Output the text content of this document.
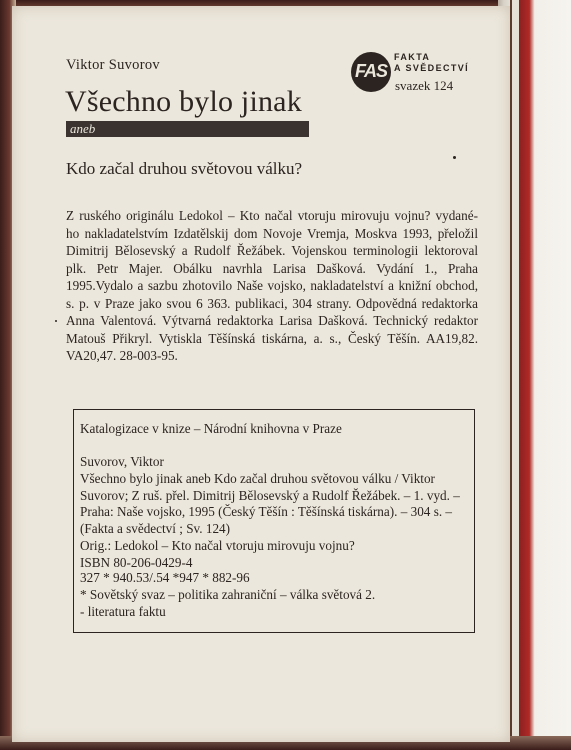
Viktor Suvorov	FAS
FAKTA
A SVĚDECTVÍ
svazek 124
Všechno bylo jinak
aneb
Kdo začal druhou světovou válku?

Z ruského originálu Ledokol – Kto načal vtoruju mirovuju vojnu? vydané-
ho nakladatelstvím Izdatělskij dom Novoje Vremja, Moskva 1993, přeložil
Dimitrij Bělosevský a Rudolf Řežábek. Vojenskou terminologii lektoroval
plk. Petr Majer. Obálku navrhla Larisa Dašková. Vydání 1., Praha
1995.Vydalo a sazbu zhotovilo Naše vojsko, nakladatelství a knižní obchod,
s. p. v Praze jako svou 6 363. publikaci, 304 strany. Odpovědná redaktorka
Anna Valentová. Výtvarná redaktorka Larisa Dašková. Technický redaktor
Matouš Přikryl. Vytiskla Těšínská tiskárna, a. s., Český Těšín. AA19,82.
VA20,47. 28-003-95.

Katalogizace v knize – Národní knihovna v Praze
Suvorov, Viktor
Všechno bylo jinak aneb Kdo začal druhou světovou válku / Viktor
Suvorov; Z ruš. přel. Dimitrij Bělosevský a Rudolf Řežábek. – 1. vyd. –
Praha: Naše vojsko, 1995 (Český Těšín : Těšínská tiskárna). – 304 s. –
(Fakta a svědectví ; Sv. 124)
Orig.: Ledokol – Kto načal vtoruju mirovuju vojnu?
ISBN 80-206-0429-4
327 * 940.53/.54 *947 * 882-96
* Sovětský svaz – politika zahraniční – válka světová 2.
- literatura faktu
